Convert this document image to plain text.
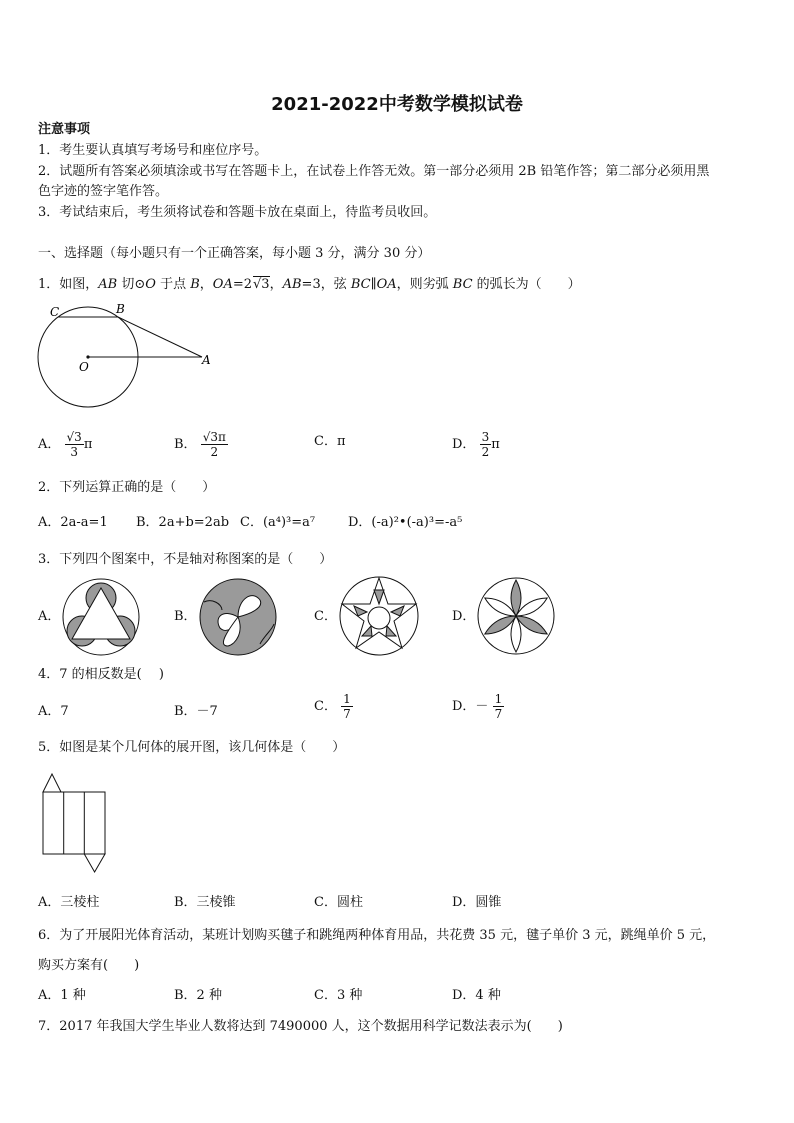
2021-2022中考数学模拟试卷
注意事项
1．考生要认真填写考场号和座位序号。
2．试题所有答案必须填涂或书写在答题卡上，在试卷上作答无效。第一部分必须用 2B 铅笔作答；第二部分必须用黑
色字迹的签字笔作答。
3．考试结束后，考生须将试卷和答题卡放在桌面上，待监考员收回。
一、选择题（每小题只有一个正确答案，每小题 3 分，满分 30 分）
1．如图，AB 切⊙O 于点 B，OA=2√3，AB=3，弦 BC∥OA，则劣弧 BC 的弧长为（　　）
C	B
O	A
A． $\frac{√3}{3}$ π	B． $\frac{√3\pi}{2}$	C．π	D． $\frac{3}{2}$ π
2．下列运算正确的是（　　）
A．2a-a=1 B．2a+b=2ab C．(a⁴)³=a⁷	D．(-a)²•(-a)³=-a⁵
3．下列四个图案中，不是轴对称图案的是（　　）
A．	B．	C．	D．
4．7 的相反数是(　 )
A．7	B．－7	C． $\frac{1}{7}$	D．－ $\frac{1}{7}$
5．如图是某个几何体的展开图，该几何体是（　　）
A．三棱柱	B．三棱锥	C．圆柱	D．圆锥
6．为了开展阳光体育活动，某班计划购买毽子和跳绳两种体育用品，共花费 35 元，毽子单价 3 元，跳绳单价 5 元，
购买方案有(　　)
A．1 种	B．2 种	C．3 种	D．4 种
7．2017 年我国大学生毕业人数将达到 7490000 人，这个数据用科学记数法表示为(　　)
